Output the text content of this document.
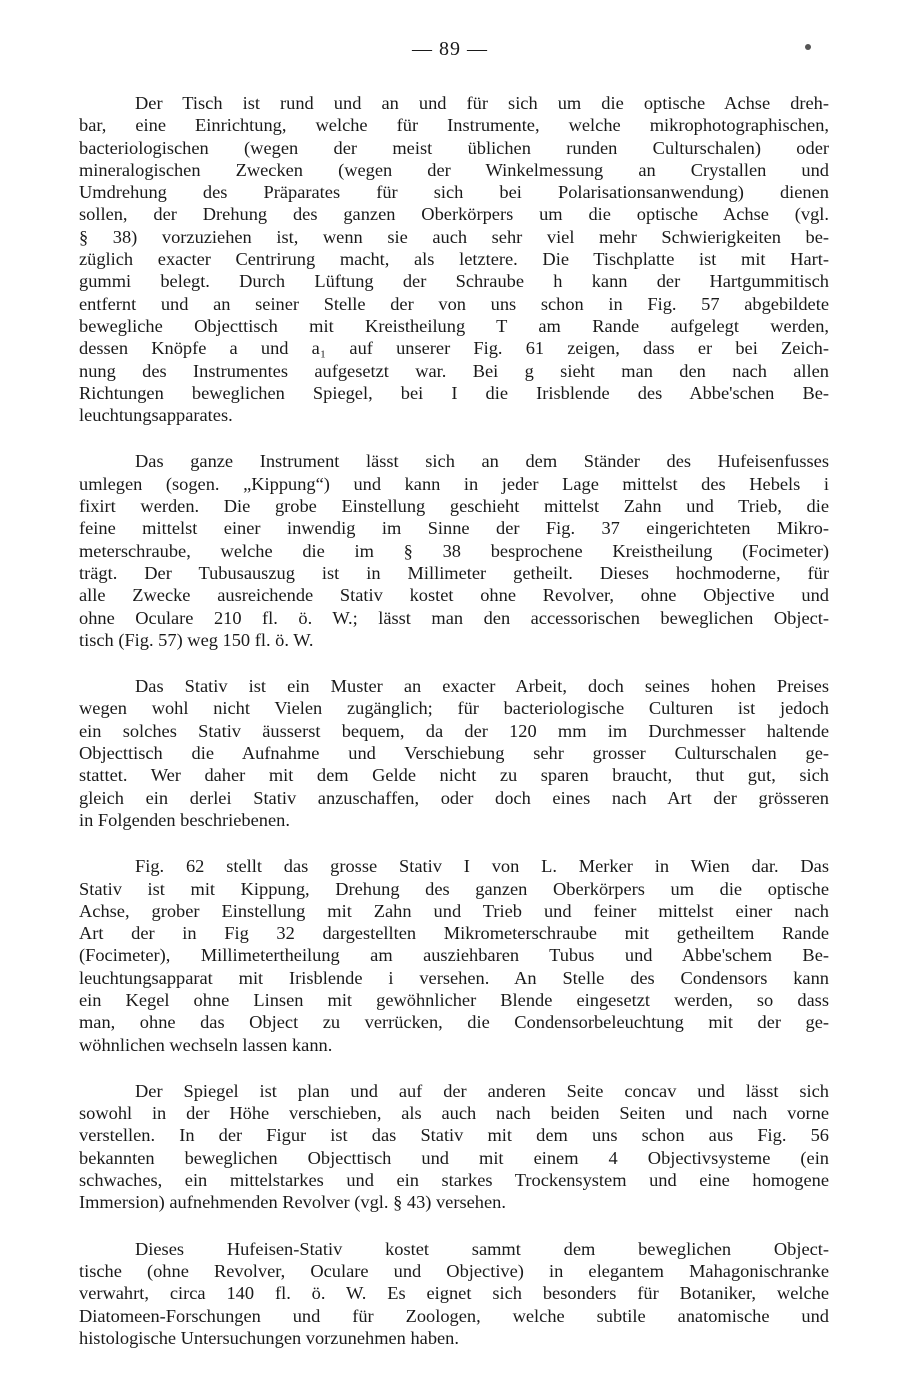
— 89 —
Der Tisch ist rund und an und für sich um die optische Achse dreh-
bar, eine Einrichtung, welche für Instrumente, welche mikrophotographischen,
bacteriologischen (wegen der meist üblichen runden Culturschalen) oder
mineralogischen Zwecken (wegen der Winkelmessung an Crystallen und
Umdrehung des Präparates für sich bei Polarisationsanwendung) dienen
sollen, der Drehung des ganzen Oberkörpers um die optische Achse (vgl.
§ 38) vorzuziehen ist, wenn sie auch sehr viel mehr Schwierigkeiten be-
züglich exacter Centrirung macht, als letztere. Die Tischplatte ist mit Hart-
gummi belegt. Durch Lüftung der Schraube h kann der Hartgummitisch
entfernt und an seiner Stelle der von uns schon in Fig. 57 abgebildete
bewegliche Objecttisch mit Kreistheilung T am Rande aufgelegt werden,
dessen Knöpfe a und a₁ auf unserer Fig. 61 zeigen, dass er bei Zeich-
nung des Instrumentes aufgesetzt war. Bei g sieht man den nach allen
Richtungen beweglichen Spiegel, bei I die Irisblende des Abbe'schen Be-
leuchtungsapparates.
Das ganze Instrument lässt sich an dem Ständer des Hufeisenfusses
umlegen (sogen. „Kippung“) und kann in jeder Lage mittelst des Hebels i
fixirt werden. Die grobe Einstellung geschieht mittelst Zahn und Trieb, die
feine mittelst einer inwendig im Sinne der Fig. 37 eingerichteten Mikro-
meterschraube, welche die im § 38 besprochene Kreistheilung (Focimeter)
trägt. Der Tubusauszug ist in Millimeter getheilt. Dieses hochmoderne, für
alle Zwecke ausreichende Stativ kostet ohne Revolver, ohne Objective und
ohne Oculare 210 fl. ö. W.; lässt man den accessorischen beweglichen Object-
tisch (Fig. 57) weg 150 fl. ö. W.
Das Stativ ist ein Muster an exacter Arbeit, doch seines hohen Preises
wegen wohl nicht Vielen zugänglich; für bacteriologische Culturen ist jedoch
ein solches Stativ äusserst bequem, da der 120 mm im Durchmesser haltende
Objecttisch die Aufnahme und Verschiebung sehr grosser Culturschalen ge-
stattet. Wer daher mit dem Gelde nicht zu sparen braucht, thut gut, sich
gleich ein derlei Stativ anzuschaffen, oder doch eines nach Art der grösseren
in Folgenden beschriebenen.
Fig. 62 stellt das grosse Stativ I von L. Merker in Wien dar. Das
Stativ ist mit Kippung, Drehung des ganzen Oberkörpers um die optische
Achse, grober Einstellung mit Zahn und Trieb und feiner mittelst einer nach
Art der in Fig 32 dargestellten Mikrometerschraube mit getheiltem Rande
(Focimeter), Millimetertheilung am ausziehbaren Tubus und Abbe'schem Be-
leuchtungsapparat mit Irisblende i versehen. An Stelle des Condensors kann
ein Kegel ohne Linsen mit gewöhnlicher Blende eingesetzt werden, so dass
man, ohne das Object zu verrücken, die Condensorbeleuchtung mit der ge-
wöhnlichen wechseln lassen kann.
Der Spiegel ist plan und auf der anderen Seite concav und lässt sich
sowohl in der Höhe verschieben, als auch nach beiden Seiten und nach vorne
verstellen. In der Figur ist das Stativ mit dem uns schon aus Fig. 56
bekannten beweglichen Objecttisch und mit einem 4 Objectivsysteme (ein
schwaches, ein mittelstarkes und ein starkes Trockensystem und eine homogene
Immersion) aufnehmenden Revolver (vgl. § 43) versehen.
Dieses Hufeisen-Stativ kostet sammt dem beweglichen Object-
tische (ohne Revolver, Oculare und Objective) in elegantem Mahagonischranke
verwahrt, circa 140 fl. ö. W. Es eignet sich besonders für Botaniker, welche
Diatomeen-Forschungen und für Zoologen, welche subtile anatomische und
histologische Untersuchungen vorzunehmen haben.
